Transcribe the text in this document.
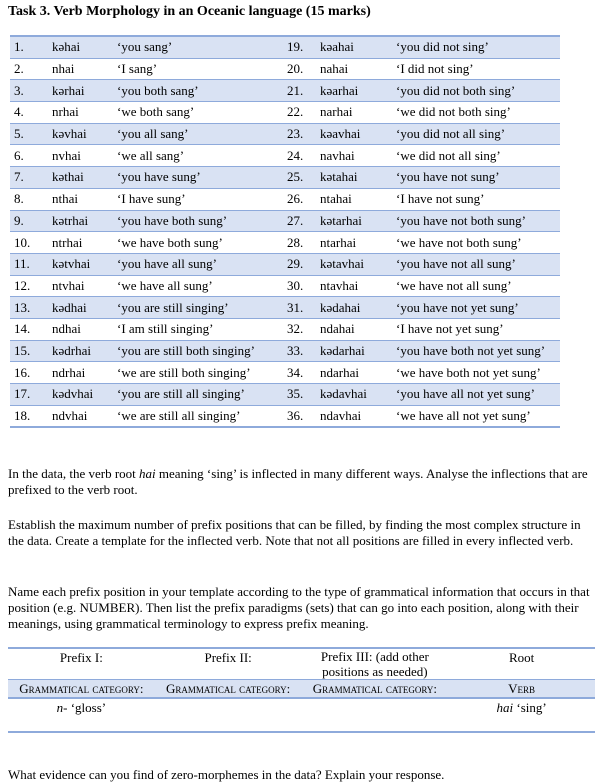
Task 3. Verb Morphology in an Oceanic language (15 marks)
1.	kəhai	‘you sang’	19.	kəahai	‘you did not sing’
2.	nhai	‘I sang’	20.	nahai	‘I did not sing’
3.	kərhai	‘you both sang’	21.	kəarhai	‘you did not both sing’
4.	nrhai	‘we both sang’	22.	narhai	‘we did not both sing’
5.	kəvhai	‘you all sang’	23.	kəavhai	‘you did not all sing’
6.	nvhai	‘we all sang’	24.	navhai	‘we did not all sing’
7.	kəthai	‘you have sung’	25.	kətahai	‘you have not sung’
8.	nthai	‘I have sung’	26.	ntahai	‘I have not sung’
9.	kətrhai	‘you have both sung’	27.	kətarhai	‘you have not both sung’
10.	ntrhai	‘we have both sung’	28.	ntarhai	‘we have not both sung’
11.	kətvhai	‘you have all sung’	29.	kətavhai	‘you have not all sung’
12.	ntvhai	‘we have all sung’	30.	ntavhai	‘we have not all sung’
13.	kədhai	‘you are still singing’	31.	kədahai	‘you have not yet sung’
14.	ndhai	‘I am still singing’	32.	ndahai	‘I have not yet sung’
15.	kədrhai	‘you are still both singing’	33.	kədarhai	‘you have both not yet sung’
16.	ndrhai	‘we are still both singing’	34.	ndarhai	‘we have both not yet sung’
17.	kədvhai	‘you are still all singing’	35.	kədavhai	‘you have all not yet sung’
18.	ndvhai	‘we are still all singing’	36.	ndavhai	‘we have all not yet sung’

In the data, the verb root hai meaning ‘sing’ is inflected in many different ways. Analyse the inflections that are prefixed to the verb root.

Establish the maximum number of prefix positions that can be filled, by finding the most complex structure in the data. Create a template for the inflected verb. Note that not all positions are filled in every inflected verb.

Name each prefix position in your template according to the type of grammatical information that occurs in that position (e.g. NUMBER). Then list the prefix paradigms (sets) that can go into each position, along with their meanings, using grammatical terminology to express prefix meaning.

Prefix I:	Prefix II:	Prefix III: (add other positions as needed)	Root
Grammatical category:	Grammatical category:	Grammatical category:	Verb
n- ‘gloss’			hai ‘sing’

What evidence can you find of zero-morphemes in the data? Explain your response.
